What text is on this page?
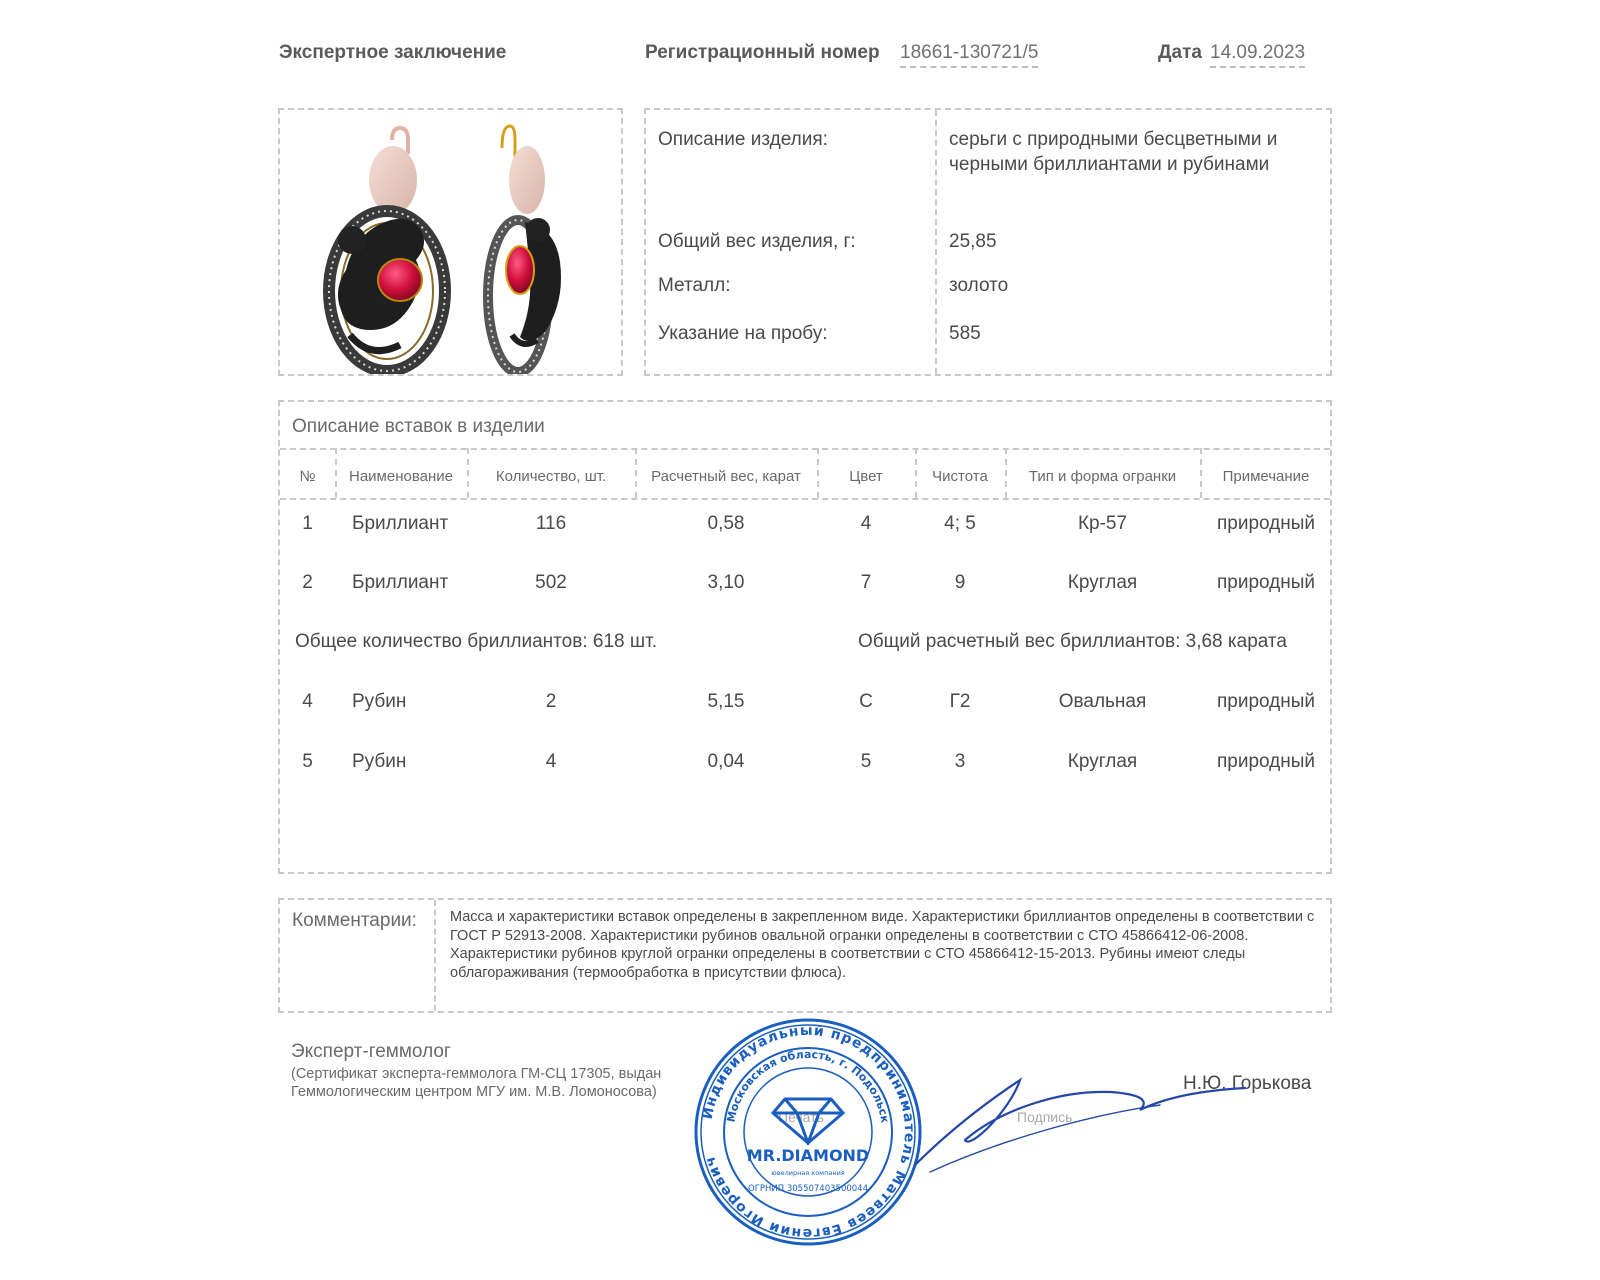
Экспертное заключение	Регистрационный номер 18661-130721/5	Дата 14.09.2023
Описание изделия:	серьги с природными бесцветными и черными бриллиантами и рубинами
Общий вес изделия, г:	25,85
Металл:	золото
Указание на пробу:	585
Описание вставок в изделии
№	Наименование	Количество, шт.	Расчетный вес, карат	Цвет	Чистота	Тип и форма огранки	Примечание
1	Бриллиант	116	0,58	4	4; 5	Кр-57	природный
2	Бриллиант	502	3,10	7	9	Круглая	природный
Общее количество бриллиантов: 618 шт.	Общий расчетный вес бриллиантов: 3,68 карата
4	Рубин	2	5,15	С	Г2	Овальная	природный
5	Рубин	4	0,04	5	3	Круглая	природный
Комментарии: Масса и характеристики вставок определены в закрепленном виде. Характеристики бриллиантов определены в соответствии с ГОСТ Р 52913-2008. Характеристики рубинов овальной огранки определены в соответствии с СТО 45866412-06-2008. Характеристики рубинов круглой огранки определены в соответствии с СТО 45866412-15-2013. Рубины имеют следы облагораживания (термообработка в присутствии флюса).
Эксперт-геммолог
(Сертификат эксперта-геммолога ГМ-СЦ 17305, выдан Геммологическим центром МГУ им. М.В. Ломоносова)
Печать	Подпись
Н.Ю. Горькова
Индивидуальный предприниматель Матвеев Евгений Игоревич
Московская область, г. Подольск
MR.DIAMOND
ювелирная компания
ОГРНИП 305507403500044
